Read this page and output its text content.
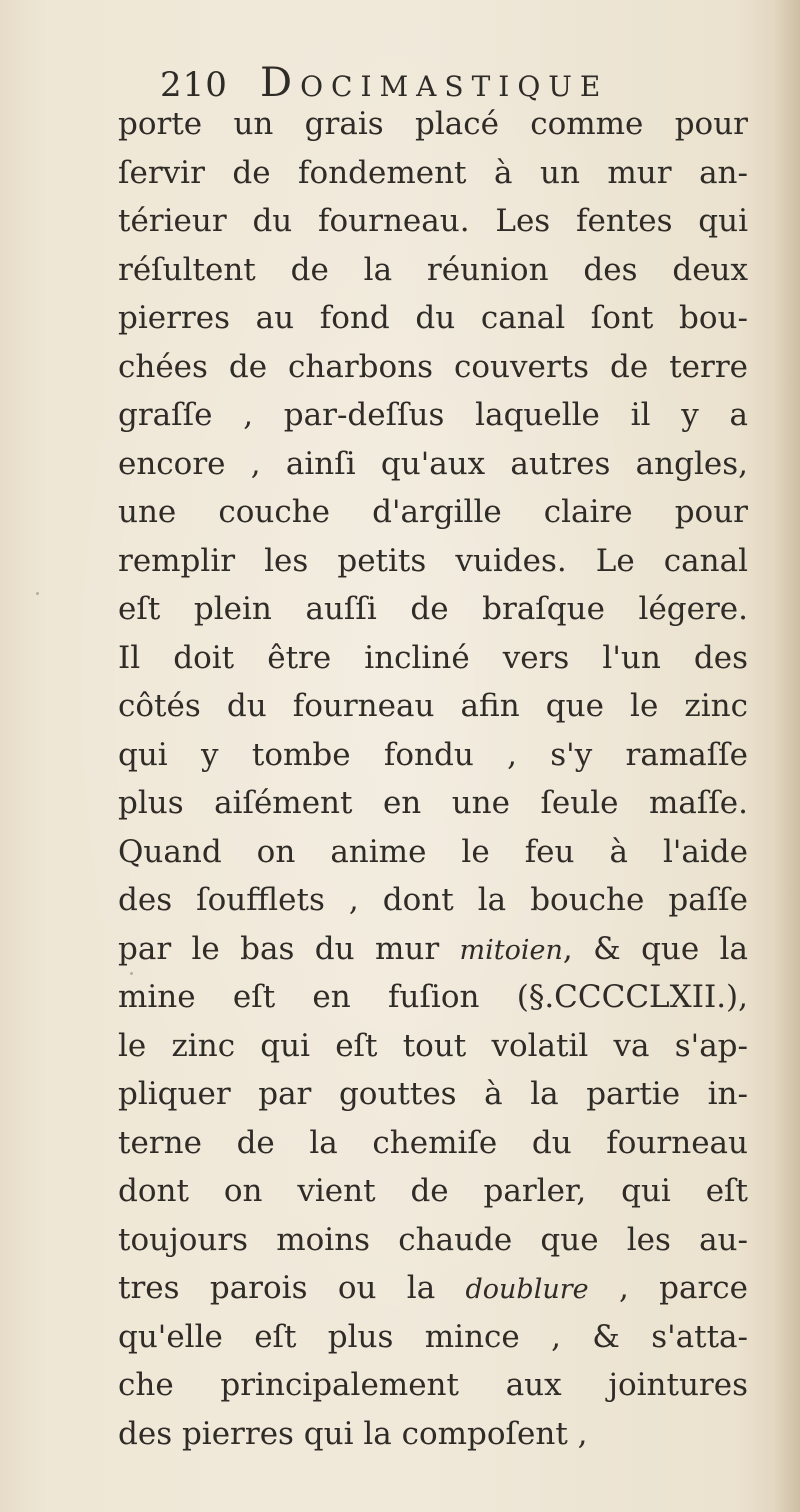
210 Docimastique
porte un grais placé comme pour
ſervir de fondement à un mur an-
térieur du fourneau. Les fentes qui
réſultent de la réunion des deux
pierres au fond du canal ſont bou-
chées de charbons couverts de terre
graſſe , par-deſſus laquelle il y a
encore , ainſi qu'aux autres angles,
une couche d'argille claire pour
remplir les petits vuides. Le canal
eſt plein auſſi de braſque légere.
Il doit être incliné vers l'un des
côtés du fourneau afin que le zinc
qui y tombe fondu , s'y ramaſſe
plus aiſément en une ſeule maſſe.
Quand on anime le feu à l'aide
des ſoufflets , dont la bouche paſſe
par le bas du mur mitoien, & que la
mine eſt en fuſion (§.CCCCLXII.),
le zinc qui eſt tout volatil va s'ap-
pliquer par gouttes à la partie in-
terne de la chemiſe du fourneau
dont on vient de parler, qui eſt
toujours moins chaude que les au-
tres parois ou la doublure , parce
qu'elle eſt plus mince , & s'atta-
che principalement aux jointures
des pierres qui la compoſent ,
